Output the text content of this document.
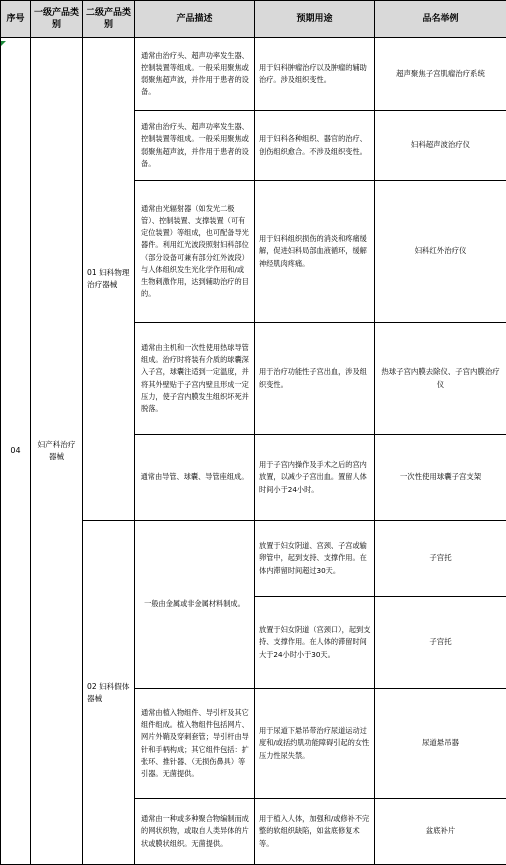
序号	一级产品类别	二级产品类别	产品描述	预期用途	品名举例
04	妇产科治疗器械	01 妇科物理治疗器械	通常由治疗头、超声功率发生器、控制装置等组成。一般采用聚焦或弱聚焦超声波，并作用于患者的设备。	用于妇科肿瘤治疗以及肿瘤的辅助治疗。涉及组织变性。	超声聚焦子宫肌瘤治疗系统
			通常由治疗头、超声功率发生器、控制装置等组成。一般采用聚焦或弱聚焦超声波，并作用于患者的设备。	用于妇科各种组织、器官的治疗、创伤组织愈合。不涉及组织变性。	妇科超声波治疗仪
			通常由光辐射器（如发光二极管）、控制装置、支撑装置（可有定位装置）等组成，也可配备导光器件。利用红光波段照射妇科部位（部分设备可兼有部分红外波段）与人体组织发生光化学作用和/或生物刺激作用，达到辅助治疗的目的。	用于妇科组织损伤的消炎和疼痛缓解，促进妇科局部血液循环，缓解神经肌肉疼痛。	妇科红外治疗仪
			通常由主机和一次性使用热球导管组成。治疗时将装有介质的球囊深入子宫，球囊注适到一定温度，并将其外壁贴于子宫内壁且形成一定压力，使子宫内膜发生组织坏死并脱落。	用于治疗功能性子宫出血，涉及组织变性。	热球子宫内膜去除仪、子宫内膜治疗仪
			通常由导管、球囊、导管座组成。	用于子宫内操作及手术之后的宫内放置，以减少子宫出血。置留人体时间小于24小时。	一次性使用球囊子宫支架
		02 妇科假体器械	一般由金属或非金属材料制成。	放置于妇女阴道、宫颈、子宫或输卵管中，起到支持、支撑作用。在体内滞留时间超过30天。	子宫托
				放置于妇女阴道（宫颈口），起到支持、支撑作用。在人体的滞留时间大于24小时小于30天。	子宫托
			通常由植入物组件、导引杆及其它组件组成。植入物组件包括网片、网片外鞘及穿刺套管；导引杆由导针和手柄构成；其它组件包括：扩张环、推针器、（无损伤鼻具）等引器。无菌提供。	用于尿道下悬吊带治疗尿道运动过度和/或括约肌功能障碍引起的女性压力性尿失禁。	尿道悬吊器
			通常由一种或多种聚合物编制而成的网状织物，或取自人类异体的片状或膜状组织。无菌提供。	用于植入人体，加强和/或修补不完整的软组织缺陷，如盆底修复术等。	盆底补片
